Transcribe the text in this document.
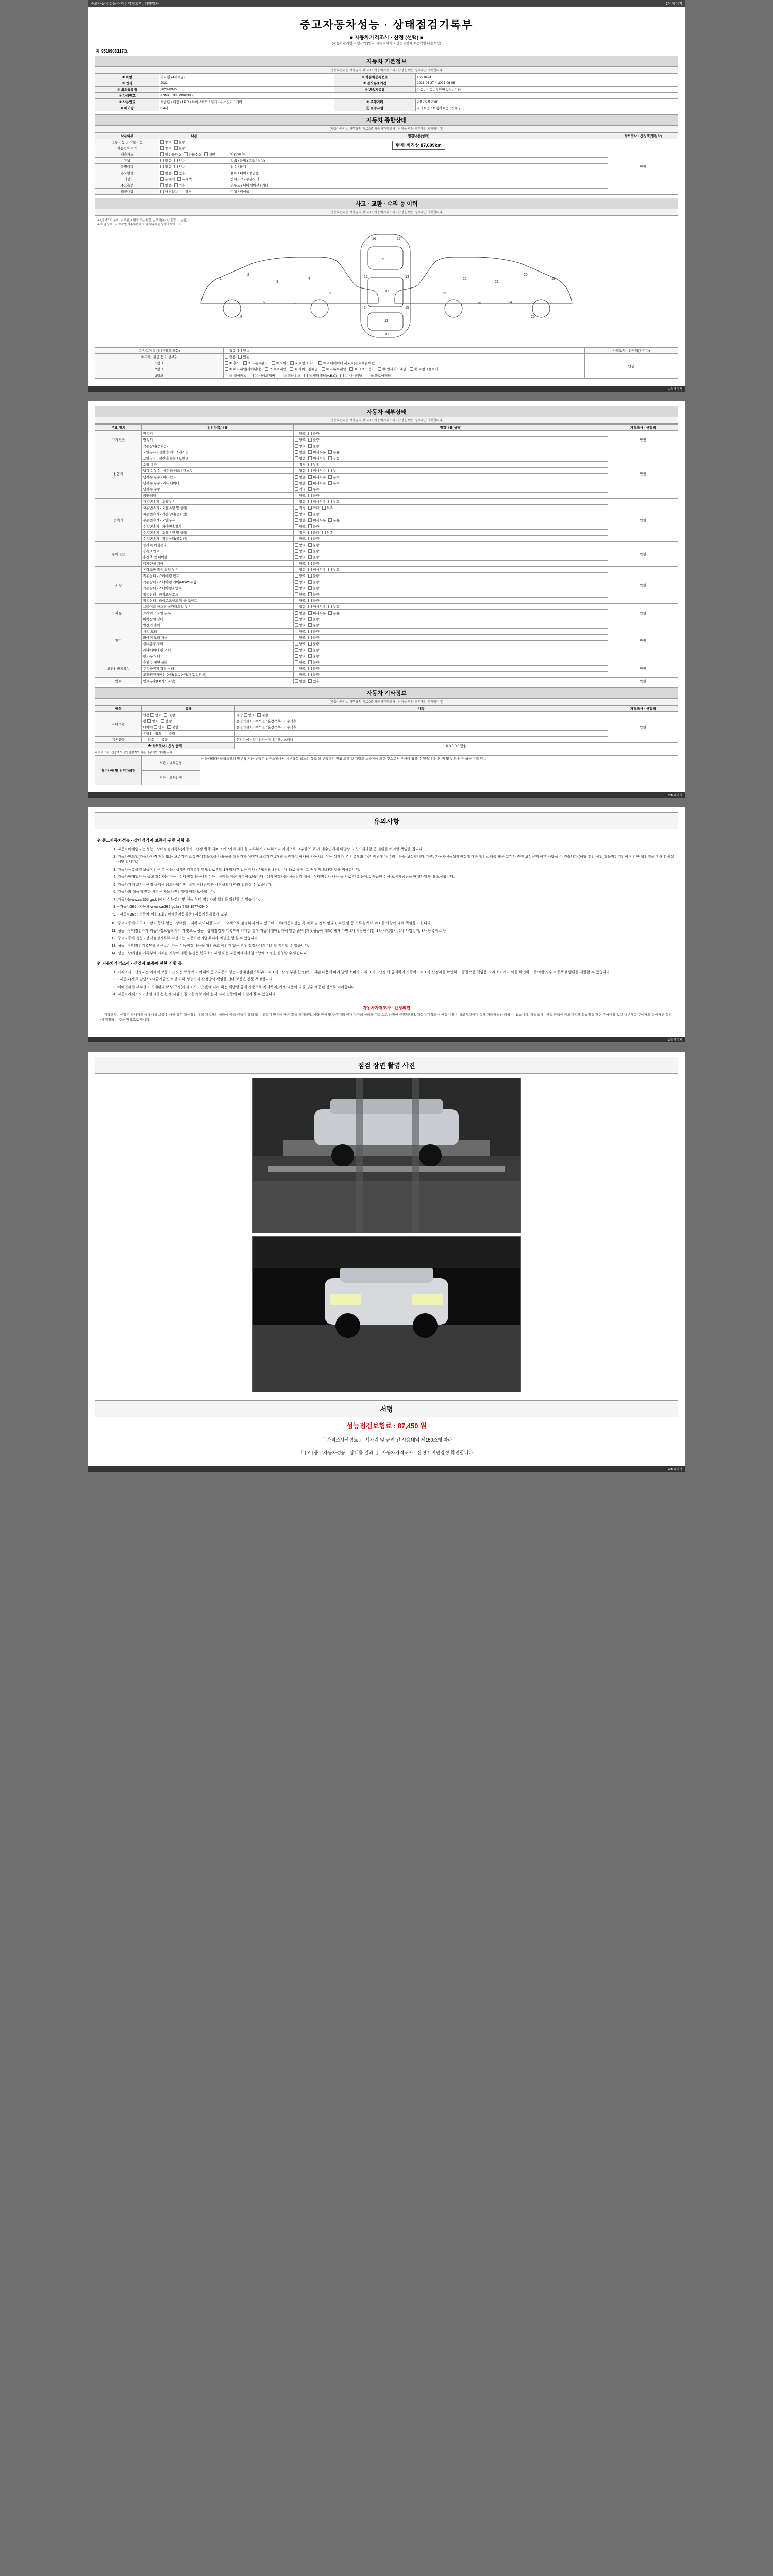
중고자동차 성능·상태점검기록부 : 계약일자	1/4 페이지
중고자동차성능 · 상태점검기록부
■ 자동차가격조사 · 산정 (선택) ■
(자동차관리법 시행규칙 [별지 제82호서식] / 성능점검자 보증책임 내용포함)
제 9510903117호
자동차 기본정보
(자동차관리법 시행규칙 제120조 자동차가격조사 · 산정을 받는 경우에만 기재합니다)
① 차명	카니발 (4세대급)	② 자동차등록번호	16도8424
③ 연식	2021	④ 검사유효기간	2025-06-27 ~ 2026-06-06
⑤ 최초등록일	2020-09-27	⑥ 변속기종류	자동 / 수동 / 무단변속기 / 기타
⑦ 차대번호	KNMC51BBM0003050		
⑧ 사용연료	가솔린 / 디젤 / LPG / 하이브리드 / 전기 / 수소전기 / 기타	⑨ 주행거리	0 0 0 0 0 0 km
⑩ 배기량	0.4세	⑪ 보증유형	자가보증 / 보험사보증 (업체명 : )
자동차 종합상태
(자동차관리법 시행규칙 제120조 자동차가격조사 · 산정을 받는 경우에만 기재합니다)
사용여부	내용	점검내용(상태)	가격조사 · 산정액(점검자)
전동기능 및 작동기능	양호 불량	현재 계기상 87,609km	만원
자동변속 표시	양호 불량		
배출가스	일산화탄소 탄화수소 매연	% ppm %	
튜닝	없음 있음	적법 / 불법 (구조 / 장치)	
특별이력	없음 있음	침수 / 화재	
용도변경	없음 있음	렌트 / 대여 / 영업용	
색상	무채색 유채색	전체도색 / 부분도색	
주요옵션	없음 있음	썬루프 / 내비게이션 / 기타	
리콜대상	해당없음 해당	이행 / 미이행	
사고 · 교환 · 수리 등 이력
(자동차관리법 시행규칙 제120조 자동차가격조사 · 산정을 받는 경우에만 기재합니다)
※ (상태표시 부호 : ○ 교환, × 판금 또는 용접, △ 부식(녹), ▽ 흠집, ♢ 손상)
※ 하단 상태표시 부호별 기준부위에, 기타 부분에는 상태에 맞게 표시
1
2
3
4
5
6	7
8
9
10
11
12	13
14	15
16	17
18
19
20
21
22
23
24
25
26
① 사고이력 (외판/내판 포함)	없음 있음	가격조사 · 산정액(점검자)
② 교환, 판금 등 이상부위	없음 있음	만원
1랭크	① 후드 ② 프론트휀더 ③ 도어 ④ 트렁크리드 ⑤ 라디에이터 서포트(볼트체결부품)	
2랭크	⑥ 쿼터패널(리어휀더) ⑦ 루프패널 ⑧ 사이드실패널 ⑨ 프론트패널 ⑩ 크로스멤버 ⑪ 인사이드패널 ⑫ 트렁크플로어	
3랭크	⑬ 리어패널 ⑭ 사이드멤버 ⑮ 휠하우스 ⑯ 필러패널(A,B,C) ⑰ 대쉬패널 ⑱ 플로어패널	
1/4 페이지
자동차 세부상태
(자동차관리법 시행규칙 제120조 자동차가격조사 · 산정을 받는 경우에만 기재합니다)
주요 장치	점검항목/내용	점검내용(상태)	가격조사 · 산정액
자기진단	원동기	양호 불량	만원
	변속기	양호 불량	
	작동상태(공회전)	양호 불량	
원동기	오일누유 - 실린더 헤드 / 개스킷	없음 미세누유 누유	만원
	오일누유 - 실린더 블록 / 오일팬	없음 미세누유 누유	
	오일 유량	적정 부족	
	냉각수 누수 - 실린더 헤드 / 개스킷	없음 미세누수 누수	
	냉각수 누수 - 워터펌프	없음 미세누수 누수	
	냉각수 누수 - 라디에이터	없음 미세누수 누수	
	냉각수 수량	적정 부족	
	커먼레일	양호 불량	
변속기	자동변속기 - 오일누유	없음 미세누유 누유	만원
	자동변속기 - 오일유량 및 상태	적정 과다 부족	
	자동변속기 - 작동상태(공회전)	양호 불량	
	수동변속기 - 오일누유	없음 미세누유 누유	
	수동변속기 - 기어변속장치	양호 불량	
	수동변속기 - 오일유량 및 상태	적정 과다 부족	
	수동변속기 - 작동상태(공회전)	양호 불량	
동력전달	클러치 어셈블리	양호 불량	만원
	등속조인트	양호 불량	
	추진축 및 베어링	양호 불량	
	디퍼렌셜 기어	양호 불량	
조향	동력조향 작동 오일 누유	없음 미세누유 누유	만원
	작동상태 - 스티어링 펌프	양호 불량	
	작동상태 - 스티어링 기어(MDPS포함)	양호 불량	
	작동상태 - 스티어링조인트	양호 불량	
	작동상태 - 파워고압호스	양호 불량	
	작동상태 - 타이로드엔드 및 볼 조인트	양호 불량	
제동	브레이크 마스터 실린더오일 누유	없음 미세누유 누유	만원
	브레이크 오일 누유	없음 미세누유 누유	
	배력장치 상태	양호 불량	
전기	발전기 출력	양호 불량	만원
	시동 모터	양호 불량	
	와이퍼 모터 기능	양호 불량	
	실내송풍 모터	양호 불량	
	라디에이터 팬 모터	양호 불량	
	윈도우 모터	양호 불량	
고전원전기장치	충전구 절연 상태	양호 불량	만원
	구동축전지 격리 상태	양호 불량	
	고전원전기배선 상태(접속단자/피복/절연체)	양호 불량	
연료	연료누출(LP가스포함)	없음 있음	만원
자동차 기타정보
(자동차관리법 시행규칙 제120조 자동차가격조사 · 산정을 받는 경우에만 기재합니다)
항목	상태	내용	가격조사 · 산정액
사내외관	외장 양호 불량	내장 양호 불량	만원
	휠 양호 불량	운전석전 / 조수석전 / 운전석후 / 조수석후	
	타이어 양호 불량	운전석전 / 조수석전 / 운전석후 / 조수석후	
	유리 양호 불량		
기본품목	양호 불량	운전자메뉴얼 / 안전삼각대 / 잭 / 스패너	
※ 가격조사 · 산정 금액		0 0 0 0 0 만원	
※ 가격조사 · 산정자의 성능점검자와 다른 경우에만 기재합니다.
특기사항 및 점검자의견	외관 · 내부현장	비공배리다* 출하스펙의 탈부착 기능 부품은 검증스펙에서 세부항목 탑스의 학교 상 부품까지 원표 도색 및 자랑의 노출제에 의한 것으로서 부식이 있을 수 있습니다. 본 점 및 부분 원량·성능 이력 있음
진단 · 조사산정
2/4 페이지
유의사항
※ 중고자동차성능 · 상태점검자 보증에 관한 사항 등
1. 자동차매매업자는 성능 · 상태점검기록부(자동차 · 산정 발행 제30조에 7가에 내용을 교부하지 아니하거나 거짓으로 교부할(으로)에 매수인에게 해당상 교육기재사항 중 권위를 버리할 책임을 집니다.
2. 자동차인도일(자동차가격 저장 또는 보존기간 소유권이전등록을 내용물을 해당자가 이행된 보일기간 1개월 실관가치 이내에 자동차의 성능·상태가 본 기록부와 다른 경우에 차 수리비용을 보상합니다. 다만, 자동차성능상태점검에 대한 책임소재를 제공 고객사 관련 보상금액 이행 사항을 수 있습니다.(해당 진단 상업[성능점검기간이 기간한 책임법을 통해 환불실시만 합니다.)
3. 자동차등록불법 보증기간은 본 성능 · 상태점검기록부 발행일로부터 1개월기간 있음 이내 (주행거리 2천km 이내)로 하며, 그 중 먼저 도래한 것을 적용합니다.
4. 자동차매매업자 등 공고매수자는 성능 · 상태점검내용에서 성능 · 상태를 제공 사항이 있습니다 · 상태점검자와 성능점검 내용 · 상태점검자 내용 등 서로 다름 문제로 제공한 신용 보상제공금을 매매사업자 내 보상합니다.
5. 자동차가격 조사 · 산정 금액은 참고사항이며, 실제 거래금액은 시장상황에 따라 달라질 수 있습니다.
6. 자동차의 성능에 관한 사항은 자동차관리법에 따라 보증합니다.
7. 자동차(www.car365.go.kr)에서 성능점검 및 성능·상태 점검자의 확인을 확인할 수 있습니다.
8. - 자동차365 : 자동차 www.car365.go.kr / 전화 1577-0940
9. - 자동차365 : 자동차 이력조회 / 매매용자등록증 / 자동차등록증에 교부.
10. 중고자동차의 구조 · 장치 등의 성능 · 상태를 고지하지 아니한 자가 그 고객으로 검검하지 아니 있으며 기록(자동차성능 록 비로 및 정보 및 위), 수집 및 등 기록을 하며 위조한 사항에 대해 책임을 가집니다.
11. 성능 · 상태점검자가 자동차정보등록기기 거짓으로 성능 · 상태점검자 기록부에 기재한 경우 자동차매매업자에 달한 준비 (거짓성능에 해드) 제재 다만 1개 시점한 이전, 1차 사업정지, 2차 사업정지, 3차 등록취소 등
12. 중고자동차 성능 · 상태점검기록부 작성자는 자동차관리법에 따라 처벌을 받을 수 있습니다.
13. 성능 · 상태점검기록부를 받은 소비자는 성능점검 내용을 확인하고 이의가 있는 경우 점검자에게 이의를 제기할 수 있습니다.
14. 성능 · 상태점검 기록부에 기재된 사항에 대한 분쟁은 한국소비자원 또는 자동차매매사업조합에 조정을 신청할 수 있습니다.
※ 자동차가격조사 · 산정자 보증에 관한 사항 등
1. 가격조사 · 산정자는 아래의 보증기간 또는 보증거리 이내에 중고자동차 성능 · 상태점검기록부(가격조사 · 산정 부분 한정)에 기재된 내용에 따라 발생 소비자 가격 조사 · 산정 의 금액하여 자동차가격조사·산정자를 확인하고 품질보증 책임을 지며 소비자가 이를 확인하고 동의한 경우 보증책임 범위를 제한할 수 있습니다.
2. - 제공자(자료 발생시) 대금지급인 보상 이내 성능가격 산정방식 책임을 진다 보증은 전문 책임합니다.
3. 매매업자가 부수신고 기재된다 보상 규정(가격 조사 · 산정)에 따라 하는 해당한 금액 기준으로 처리하며, 기재 내용이 다를 경우 제공된 정보로 처리합니다.
4. 자동차가격조사 · 산정 내용은 현재 시점의 참고용 정보이며 실제 시세 변동에 따라 달라질 수 있습니다.
자동차가격조사 · 산정의견
「가격조사 · 산정은 시내가기 매매대상 보증에 대한 경우 성능점검 대상 자동차의 상태에 따라 금액이 감액 또는 인도계 변동에 따른 값을 기재하며, 차량 연식 및 주행거리 현재 차량의 상태를 기준으로 산정한 금액입니다. 자동차가격조사·산정 내용은 참고사항이며 실제 거래가격과 다를 수 있습니다. 가격조사 · 산정 금액에 중고자동차 성능점검 관련 구매비용 없고 세부사항 구매자와 판매자간 협의에 결정하는 것을 원칙으로 합니다.
3/4 페이지
점검 장면 촬영 사진
서명
성능점검보험료 : 87,450 원
「 가격조사산정료 」 세자리 및 공인 된 사용내역 제150조에 따라
「 [ Y ] 중고자동차성능 · 상태를 결과, 」 자동차가격조사 · 산정 1 비만감정 확인합니다.
4/4 페이지
